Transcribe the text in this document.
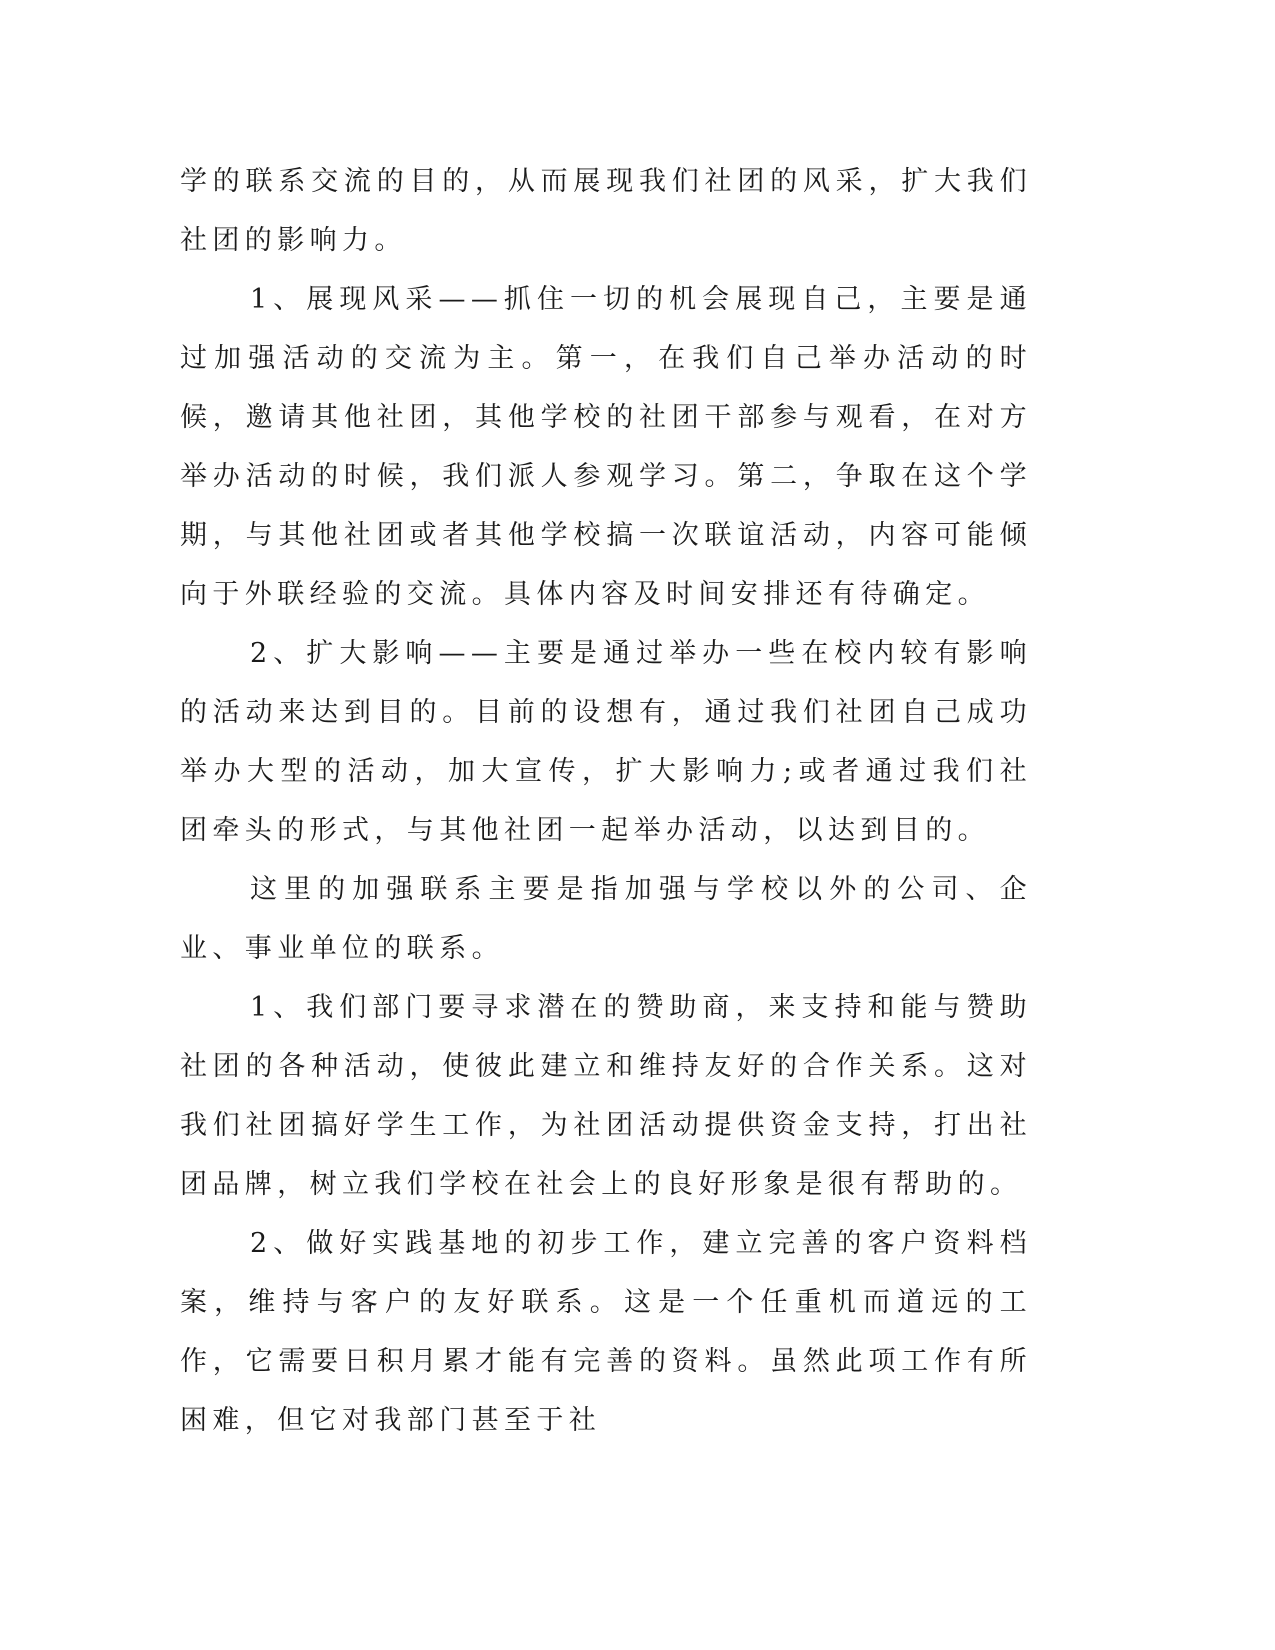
学的联系交流的目的，从而展现我们社团的风采，扩大我们社团的影响力。

1、展现风采——抓住一切的机会展现自己，主要是通过加强活动的交流为主。第一，在我们自己举办活动的时候，邀请其他社团，其他学校的社团干部参与观看，在对方举办活动的时候，我们派人参观学习。第二，争取在这个学期，与其他社团或者其他学校搞一次联谊活动，内容可能倾向于外联经验的交流。具体内容及时间安排还有待确定。

2、扩大影响——主要是通过举办一些在校内较有影响的活动来达到目的。目前的设想有，通过我们社团自己成功举办大型的活动，加大宣传，扩大影响力;或者通过我们社团牵头的形式，与其他社团一起举办活动，以达到目的。

这里的加强联系主要是指加强与学校以外的公司、企业、事业单位的联系。

1、我们部门要寻求潜在的赞助商，来支持和能与赞助社团的各种活动，使彼此建立和维持友好的合作关系。这对我们社团搞好学生工作，为社团活动提供资金支持，打出社团品牌，树立我们学校在社会上的良好形象是很有帮助的。

2、做好实践基地的初步工作，建立完善的客户资料档案，维持与客户的友好联系。这是一个任重机而道远的工作，它需要日积月累才能有完善的资料。虽然此项工作有所困难，但它对我部门甚至于社
